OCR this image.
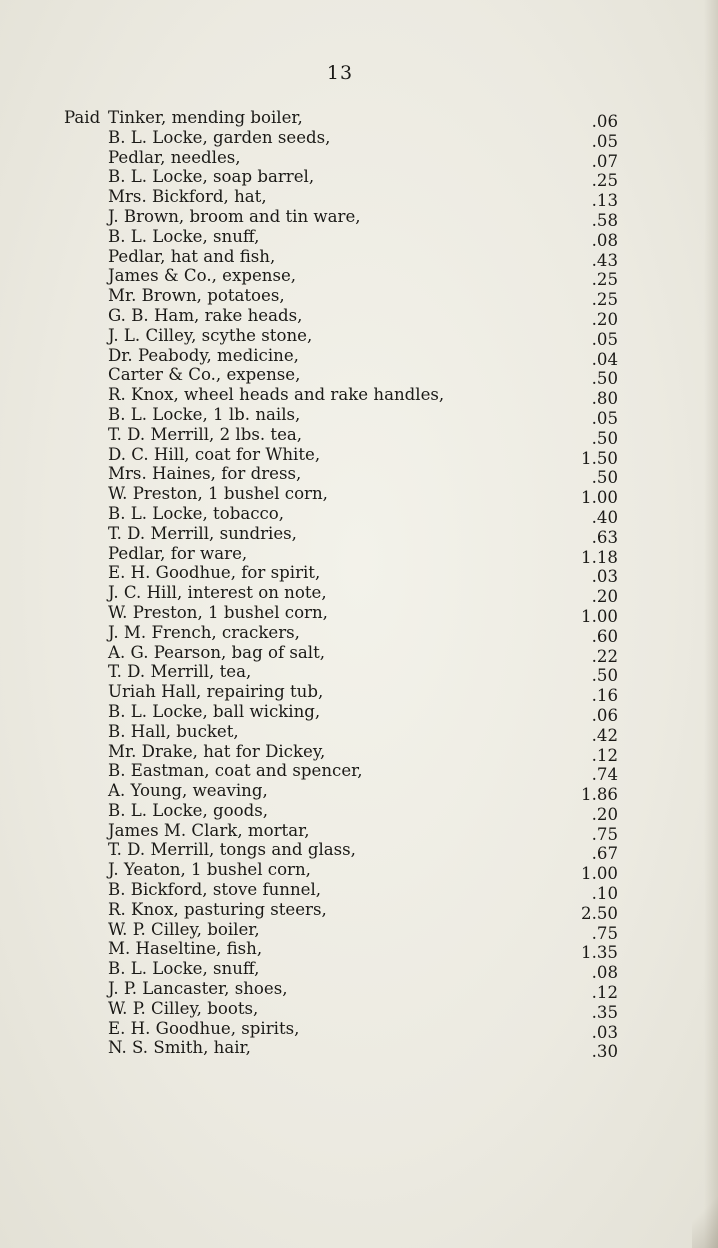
13
Paid Tinker, mending boiler,	.06
B. L. Locke, garden seeds,	.05
Pedlar, needles,	.07
B. L. Locke, soap barrel,	.25
Mrs. Bickford, hat,	.13
J. Brown, broom and tin ware,	.58
B. L. Locke, snuff,	.08
Pedlar, hat and fish,	.43
James & Co., expense,	.25
Mr. Brown, potatoes,	.25
G. B. Ham, rake heads,	.20
J. L. Cilley, scythe stone,	.05
Dr. Peabody, medicine,	.04
Carter & Co., expense,	.50
R. Knox, wheel heads and rake handles,	.80
B. L. Locke, 1 lb. nails,	.05
T. D. Merrill, 2 lbs. tea,	.50
D. C. Hill, coat for White,	1.50
Mrs. Haines, for dress,	.50
W. Preston, 1 bushel corn,	1.00
B. L. Locke, tobacco,	.40
T. D. Merrill, sundries,	.63
Pedlar, for ware,	1.18
E. H. Goodhue, for spirit,	.03
J. C. Hill, interest on note,	.20
W. Preston, 1 bushel corn,	1.00
J. M. French, crackers,	.60
A. G. Pearson, bag of salt,	.22
T. D. Merrill, tea,	.50
Uriah Hall, repairing tub,	.16
B. L. Locke, ball wicking,	.06
B. Hall, bucket,	.42
Mr. Drake, hat for Dickey,	.12
B. Eastman, coat and spencer,	.74
A. Young, weaving,	1.86
B. L. Locke, goods,	.20
James M. Clark, mortar,	.75
T. D. Merrill, tongs and glass,	.67
J. Yeaton, 1 bushel corn,	1.00
B. Bickford, stove funnel,	.10
R. Knox, pasturing steers,	2.50
W. P. Cilley, boiler,	.75
M. Haseltine, fish,	1.35
B. L. Locke, snuff,	.08
J. P. Lancaster, shoes,	.12
W. P. Cilley, boots,	.35
E. H. Goodhue, spirits,	.03
N. S. Smith, hair,	.30
